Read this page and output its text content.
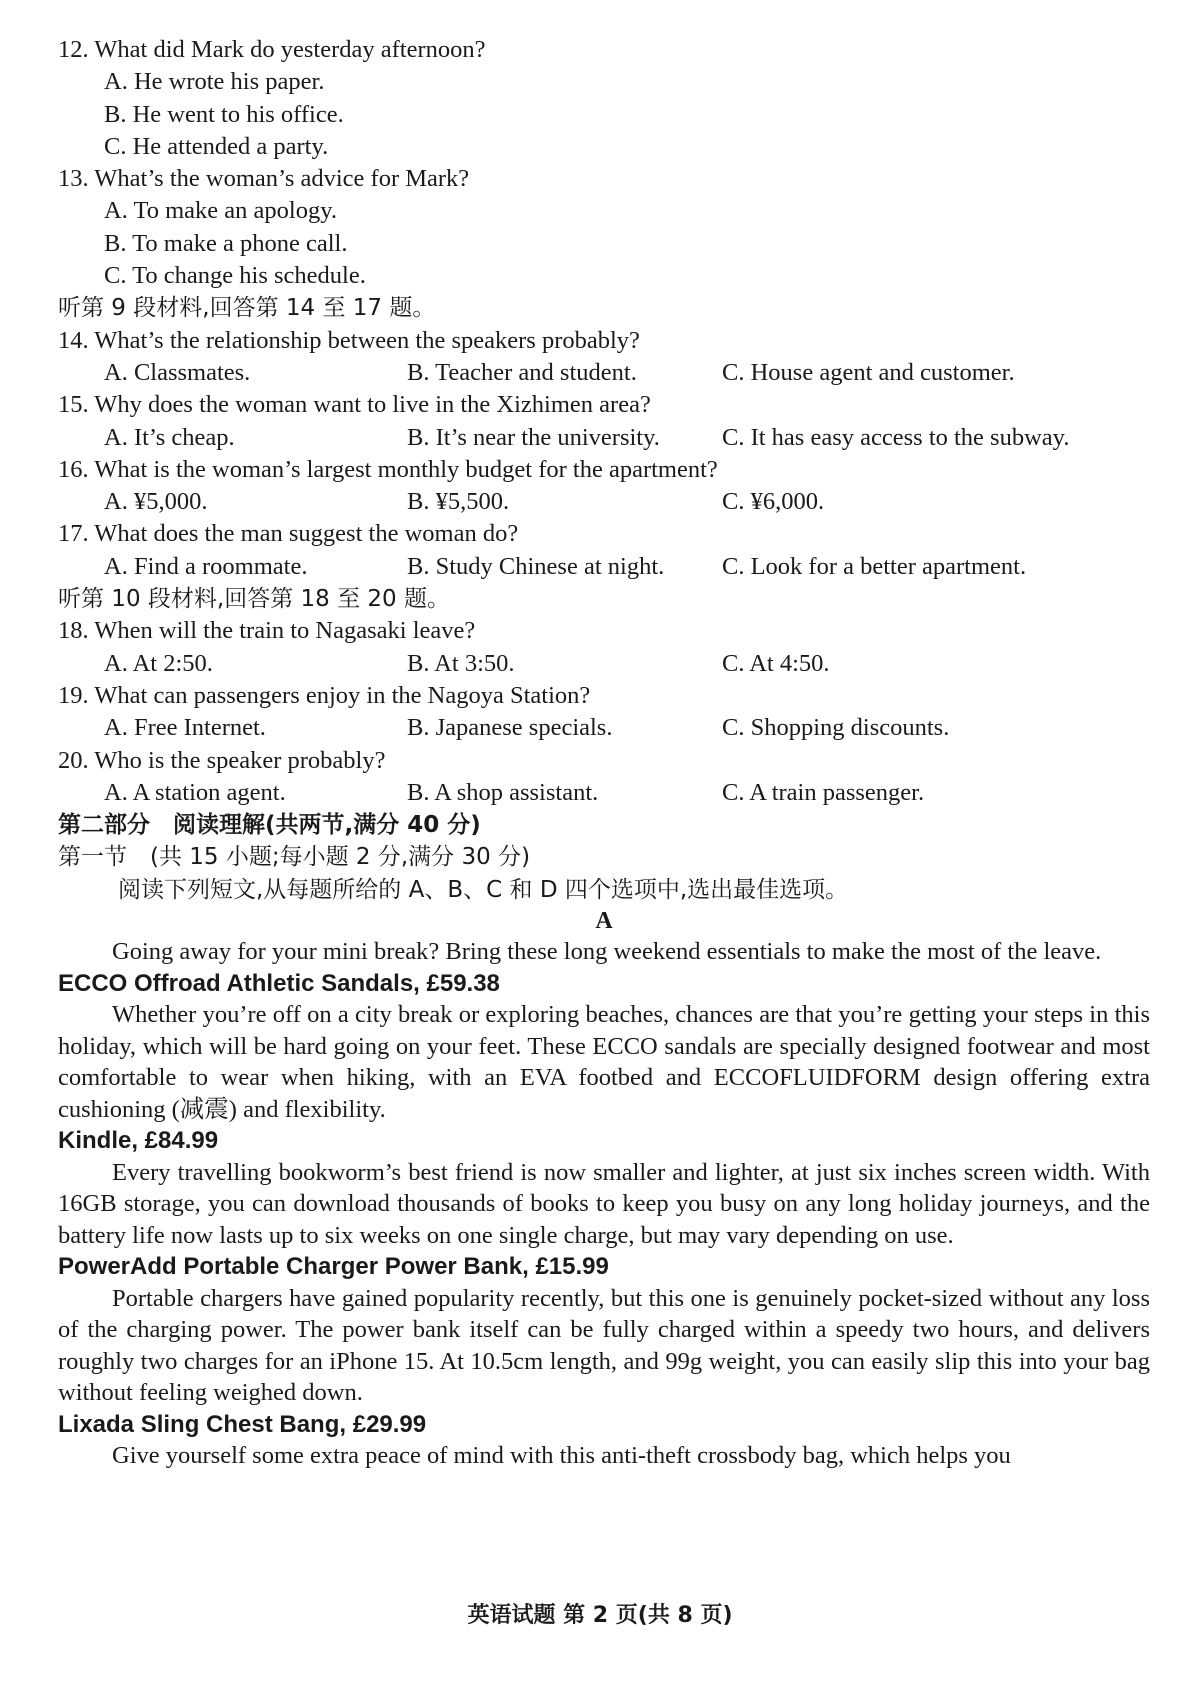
12. What did Mark do yesterday afternoon?
A. He wrote his paper.
B. He went to his office.
C. He attended a party.
13. What’s the woman’s advice for Mark?
A. To make an apology.
B. To make a phone call.
C. To change his schedule.
听第 9 段材料,回答第 14 至 17 题。
14. What’s the relationship between the speakers probably?
A. Classmates.	B. Teacher and student.	C. House agent and customer.
15. Why does the woman want to live in the Xizhimen area?
A. It’s cheap.	B. It’s near the university.	C. It has easy access to the subway.
16. What is the woman’s largest monthly budget for the apartment?
A. ¥5,000.	B. ¥5,500.	C. ¥6,000.
17. What does the man suggest the woman do?
A. Find a roommate.	B. Study Chinese at night.	C. Look for a better apartment.
听第 10 段材料,回答第 18 至 20 题。
18. When will the train to Nagasaki leave?
A. At 2:50.	B. At 3:50.	C. At 4:50.
19. What can passengers enjoy in the Nagoya Station?
A. Free Internet.	B. Japanese specials.	C. Shopping discounts.
20. Who is the speaker probably?
A. A station agent.	B. A shop assistant.	C. A train passenger.
第二部分　阅读理解(共两节,满分 40 分)
第一节　(共 15 小题;每小题 2 分,满分 30 分)
阅读下列短文,从每题所给的 A、B、C 和 D 四个选项中,选出最佳选项。
A
Going away for your mini break? Bring these long weekend essentials to make the most of the leave.
ECCO Offroad Athletic Sandals, £59.38
Whether you’re off on a city break or exploring beaches, chances are that you’re getting your steps in this holiday, which will be hard going on your feet. These ECCO sandals are specially designed footwear and most comfortable to wear when hiking, with an EVA footbed and ECCOFLUIDFORM design offering extra cushioning (减震) and flexibility.
Kindle, £84.99
Every travelling bookworm’s best friend is now smaller and lighter, at just six inches screen width. With 16GB storage, you can download thousands of books to keep you busy on any long holiday journeys, and the battery life now lasts up to six weeks on one single charge, but may vary depending on use.
PowerAdd Portable Charger Power Bank, £15.99
Portable chargers have gained popularity recently, but this one is genuinely pocket-sized without any loss of the charging power. The power bank itself can be fully charged within a speedy two hours, and delivers roughly two charges for an iPhone 15. At 10.5cm length, and 99g weight, you can easily slip this into your bag without feeling weighed down.
Lixada Sling Chest Bang, £29.99
Give yourself some extra peace of mind with this anti-theft crossbody bag, which helps you
英语试题 第 2 页(共 8 页)
